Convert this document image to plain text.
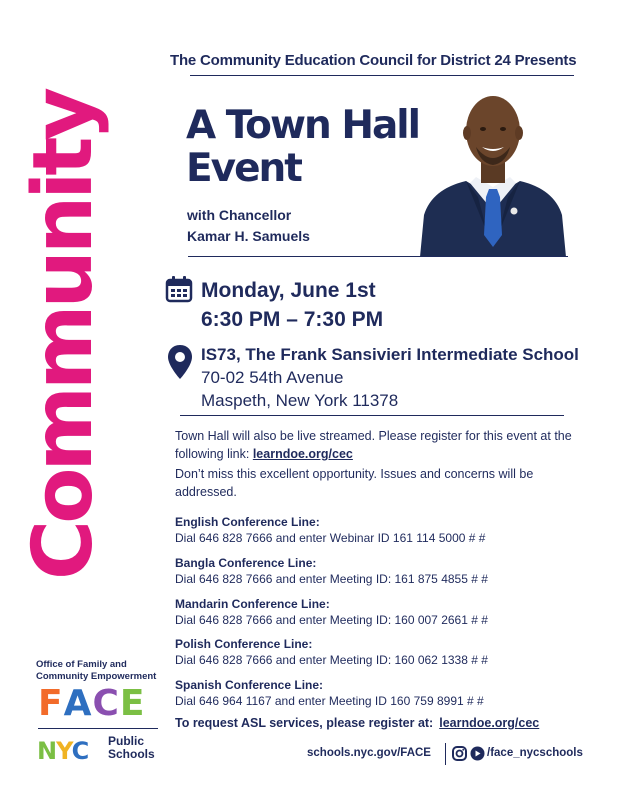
Community
The Community Education Council for District 24 Presents
A Town Hall
Event
with Chancellor
Kamar H. Samuels
Monday, June 1st
6:30 PM – 7:30 PM
IS73, The Frank Sansivieri Intermediate School
70-02 54th Avenue
Maspeth, New York 11378
Town Hall will also be live streamed. Please register for this event at the following link: learndoe.org/cec
Don’t miss this excellent opportunity. Issues and concerns will be addressed.
English Conference Line:
Dial 646 828 7666 and enter Webinar ID 161 114 5000 # #
Bangla Conference Line:
Dial 646 828 7666 and enter Meeting ID: 161 875 4855 # #
Mandarin Conference Line:
Dial 646 828 7666 and enter Meeting ID: 160 007 2661 # #
Polish Conference Line:
Dial 646 828 7666 and enter Meeting ID: 160 062 1338 # #
Spanish Conference Line:
Dial 646 964 1167 and enter Meeting ID 160 759 8991 # #
To request ASL services, please register at: learndoe.org/cec
Office of Family and
Community Empowerment
FACE
NYC Public
Schools	schools.nyc.gov/FACE	/face_nycschools
